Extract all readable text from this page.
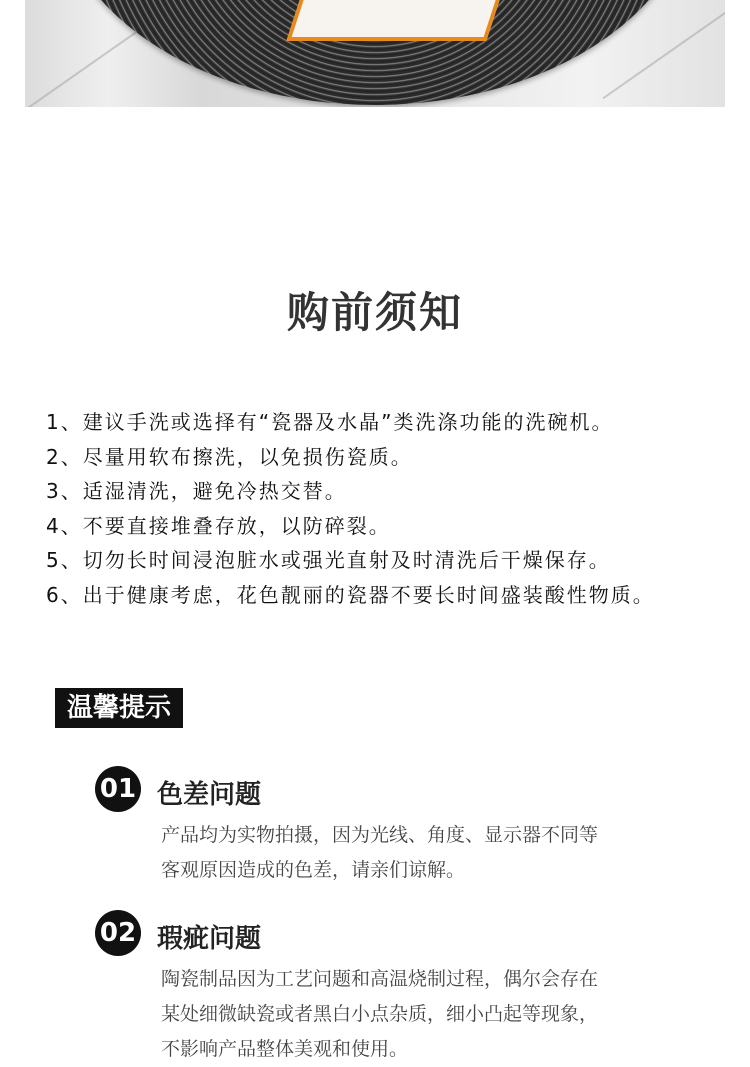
购前须知
1、建议手洗或选择有“瓷器及水晶”类洗涤功能的洗碗机。
2、尽量用软布擦洗，以免损伤瓷质。
3、适湿清洗，避免冷热交替。
4、不要直接堆叠存放，以防碎裂。
5、切勿长时间浸泡脏水或强光直射及时清洗后干燥保存。
6、出于健康考虑，花色靓丽的瓷器不要长时间盛装酸性物质。
温馨提示
01 色差问题
产品均为实物拍摄，因为光线、角度、显示器不同等
客观原因造成的色差，请亲们谅解。
02 瑕疵问题
陶瓷制品因为工艺问题和高温烧制过程，偶尔会存在
某处细微缺瓷或者黑白小点杂质，细小凸起等现象，
不影响产品整体美观和使用。
